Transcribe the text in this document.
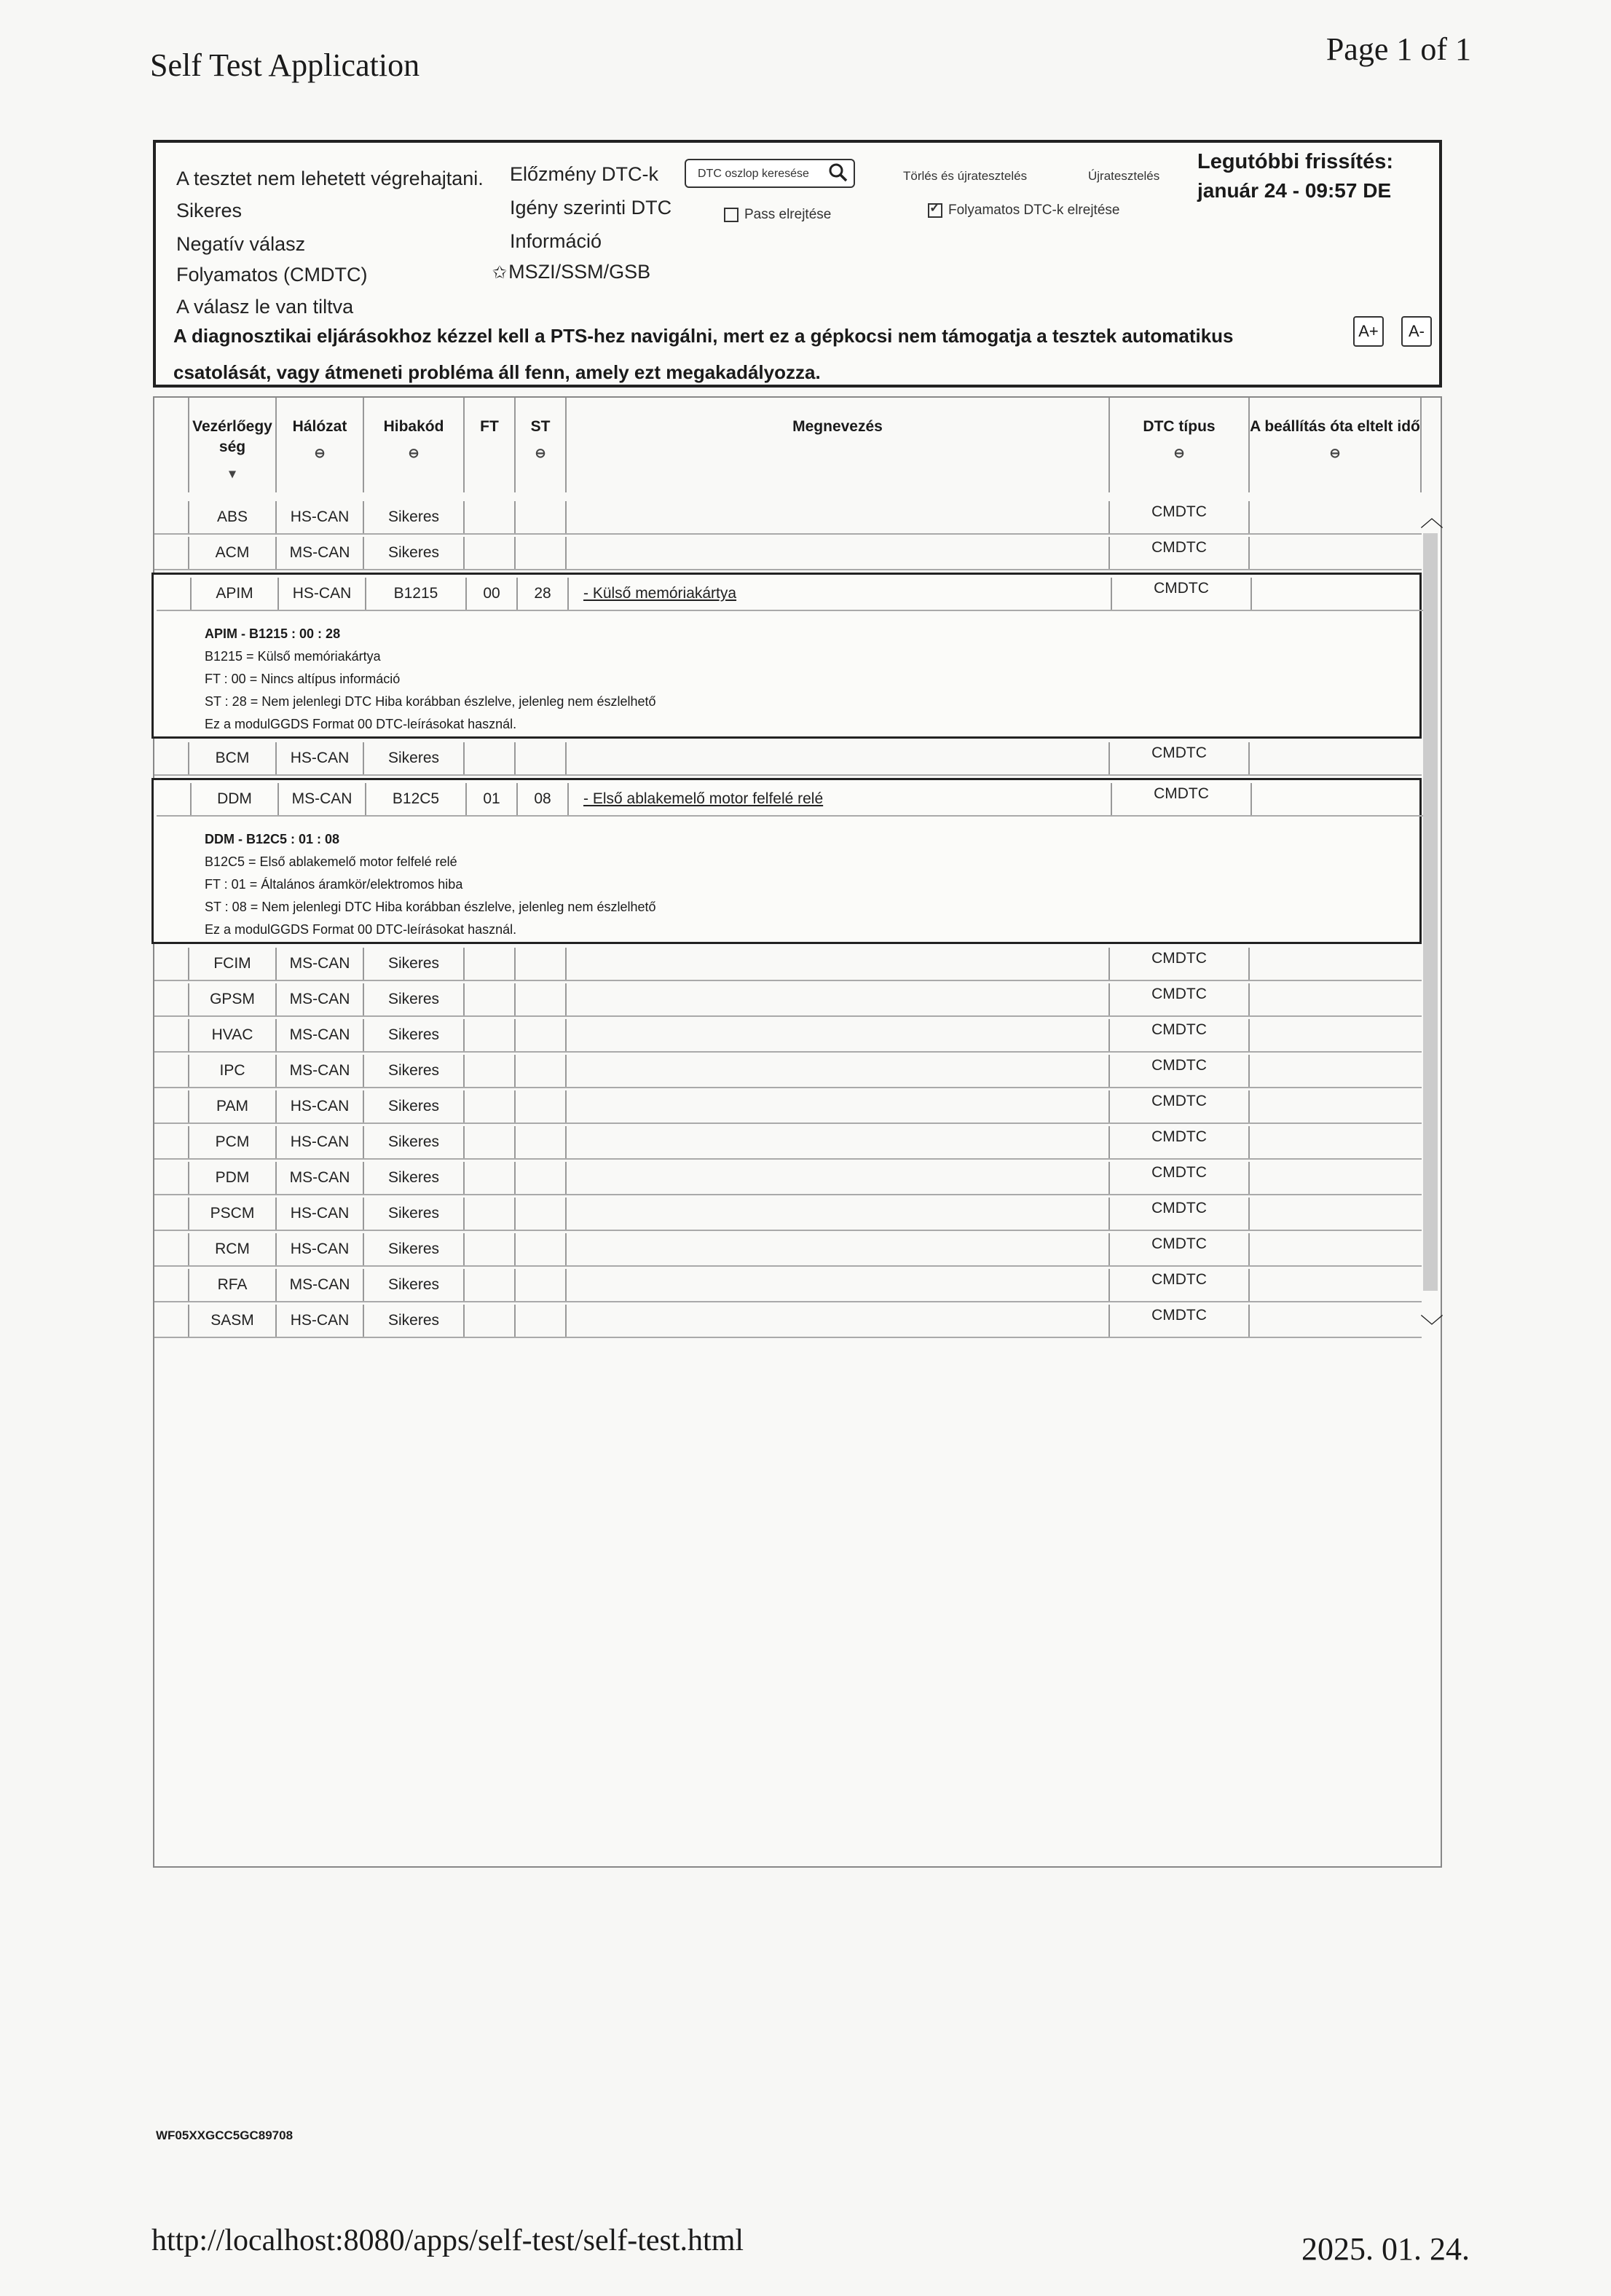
Self Test Application	Page 1 of 1
WF05XXGCC5GC89708
http://localhost:8080/apps/self-test/self-test.html	2025. 01. 24.
A tesztet nem lehetett végrehajtani.
Sikeres
Negatív válasz
Folyamatos (CMDTC)
A válasz le van tiltva
Előzmény DTC-k
Igény szerinti DTC
Információ
✩MSZI/SSM/GSB
DTC oszlop keresése	Törlés és újratesztelés	Újratesztelés
Pass elrejtése
✓	Folyamatos DTC-k elrejtése
Legutóbbi frissítés:
január 24 - 09:57 DE
A diagnosztikai eljárásokhoz kézzel kell a PTS-hez navigálni, mert ez a gépkocsi nem támogatja a tesztek automatikus csatolását, vagy átmeneti probléma áll fenn, amely ezt megakadályozza.
A+	A-
Vezérlőegy ség
▾
Hálózat
⊖
Hibakód
⊖
FT	ST
⊖
Megnevezés	DTC típus
⊖
A beállítás óta eltelt idő
⊖
ABS	HS-CAN	Sikeres	CMDTC
ACM	MS-CAN	Sikeres	CMDTC
APIM - B1215 : 00 : 28
B1215 = Külső memóriakártya
FT : 00 = Nincs altípus információ
ST : 28 = Nem jelenlegi DTC Hiba korábban észlelve, jelenleg nem észlelhető
Ez a modulGGDS Format 00 DTC-leírásokat használ.
APIM	HS-CAN	B1215	00	28	- Külső memóriakártya	CMDTC
BCM	HS-CAN	Sikeres	CMDTC
DDM - B12C5 : 01 : 08
B12C5 = Első ablakemelő motor felfelé relé
FT : 01 = Általános áramkör/elektromos hiba
ST : 08 = Nem jelenlegi DTC Hiba korábban észlelve, jelenleg nem észlelhető
Ez a modulGGDS Format 00 DTC-leírásokat használ.
DDM	MS-CAN	B12C5	01	08	- Első ablakemelő motor felfelé relé	CMDTC
FCIM	MS-CAN	Sikeres	CMDTC
GPSM	MS-CAN	Sikeres	CMDTC
HVAC	MS-CAN	Sikeres	CMDTC
IPC	MS-CAN	Sikeres	CMDTC
PAM	HS-CAN	Sikeres	CMDTC
PCM	HS-CAN	Sikeres	CMDTC
PDM	MS-CAN	Sikeres	CMDTC
PSCM	HS-CAN	Sikeres	CMDTC
RCM	HS-CAN	Sikeres	CMDTC
RFA	MS-CAN	Sikeres	CMDTC
SASM	HS-CAN	Sikeres	CMDTC
︿
﹀
